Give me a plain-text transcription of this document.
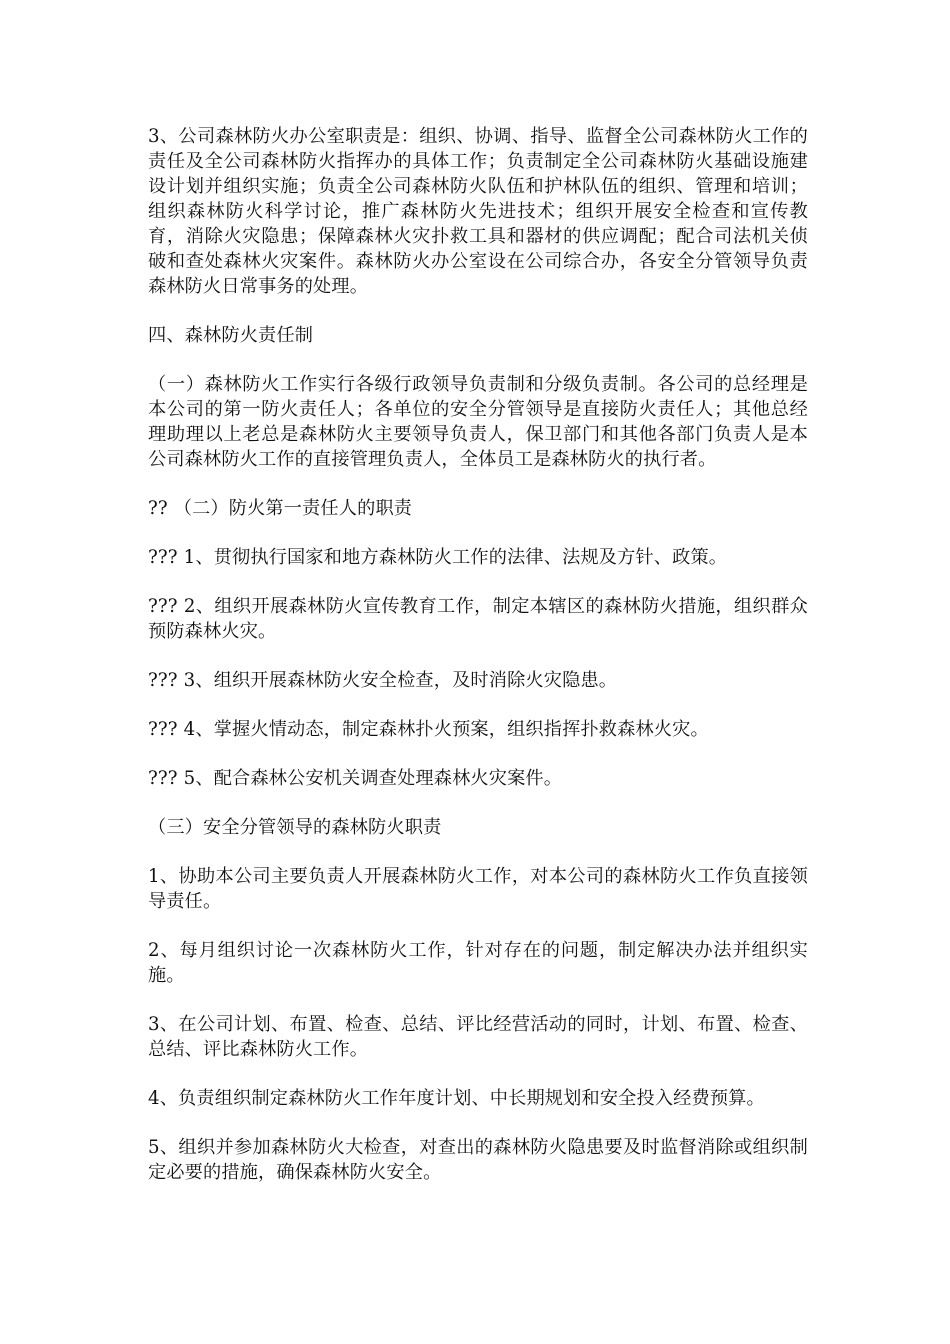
3、公司森林防火办公室职责是：组织、协调、指导、监督全公司森林防火工作的责任及全公司森林防火指挥办的具体工作；负责制定全公司森林防火基础设施建设计划并组织实施；负责全公司森林防火队伍和护林队伍的组织、管理和培训；组织森林防火科学讨论，推广森林防火先进技术；组织开展安全检查和宣传教育，消除火灾隐患；保障森林火灾扑救工具和器材的供应调配；配合司法机关侦破和查处森林火灾案件。森林防火办公室设在公司综合办，各安全分管领导负责森林防火日常事务的处理。

四、森林防火责任制

（一）森林防火工作实行各级行政领导负责制和分级负责制。各公司的总经理是本公司的第一防火责任人；各单位的安全分管领导是直接防火责任人；其他总经理助理以上老总是森林防火主要领导负责人，保卫部门和其他各部门负责人是本公司森林防火工作的直接管理负责人，全体员工是森林防火的执行者。

?? （二）防火第一责任人的职责

??? 1、贯彻执行国家和地方森林防火工作的法律、法规及方针、政策。

??? 2、组织开展森林防火宣传教育工作，制定本辖区的森林防火措施，组织群众预防森林火灾。

??? 3、组织开展森林防火安全检查，及时消除火灾隐患。

??? 4、掌握火情动态，制定森林扑火预案，组织指挥扑救森林火灾。

??? 5、配合森林公安机关调查处理森林火灾案件。

（三）安全分管领导的森林防火职责

1、协助本公司主要负责人开展森林防火工作，对本公司的森林防火工作负直接领导责任。

2、每月组织讨论一次森林防火工作，针对存在的问题，制定解决办法并组织实施。

3、在公司计划、布置、检查、总结、评比经营活动的同时，计划、布置、检查、总结、评比森林防火工作。

4、负责组织制定森林防火工作年度计划、中长期规划和安全投入经费预算。

5、组织并参加森林防火大检查，对查出的森林防火隐患要及时监督消除或组织制定必要的措施，确保森林防火安全。
